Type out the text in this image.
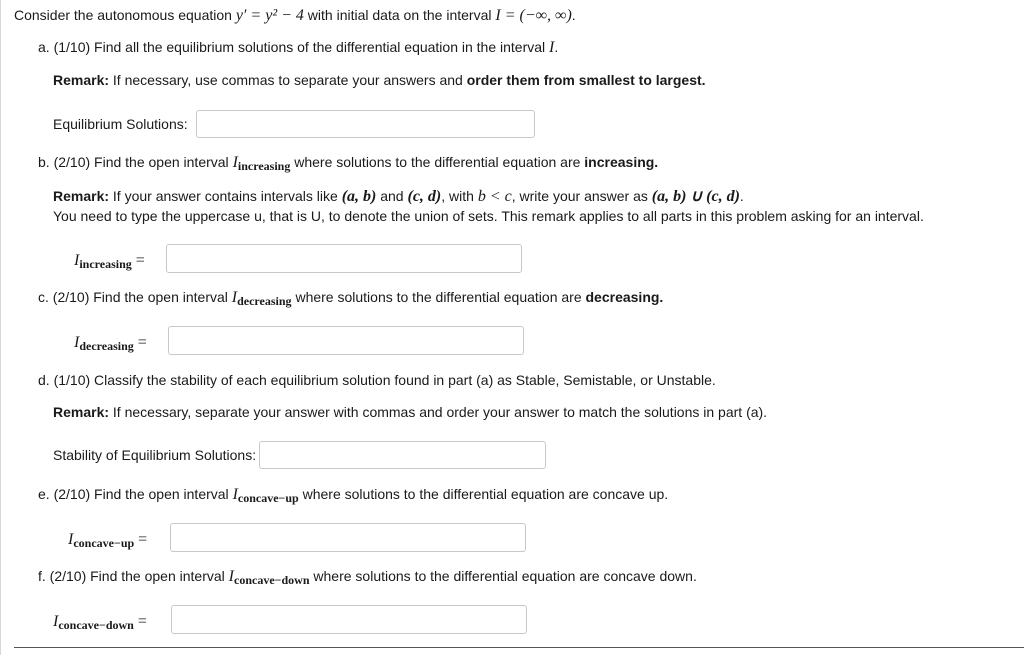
Consider the autonomous equation y′ = y² − 4 with initial data on the interval I = (−∞, ∞).
a. (1/10) Find all the equilibrium solutions of the differential equation in the interval I.
Remark: If necessary, use commas to separate your answers and order them from smallest to largest.
Equilibrium Solutions:
b. (2/10) Find the open interval Iincreasing where solutions to the differential equation are increasing.
Remark: If your answer contains intervals like (a, b) and (c, d), with b < c, write your answer as (a, b) ∪ (c, d).
You need to type the uppercase u, that is U, to denote the union of sets. This remark applies to all parts in this problem asking for an interval.
Iincreasing =
c. (2/10) Find the open interval Idecreasing where solutions to the differential equation are decreasing.
Idecreasing =
d. (1/10) Classify the stability of each equilibrium solution found in part (a) as Stable, Semistable, or Unstable.
Remark: If necessary, separate your answer with commas and order your answer to match the solutions in part (a).
Stability of Equilibrium Solutions:
e. (2/10) Find the open interval Iconcave−up where solutions to the differential equation are concave up.
Iconcave−up =
f. (2/10) Find the open interval Iconcave−down where solutions to the differential equation are concave down.
Iconcave−down =
